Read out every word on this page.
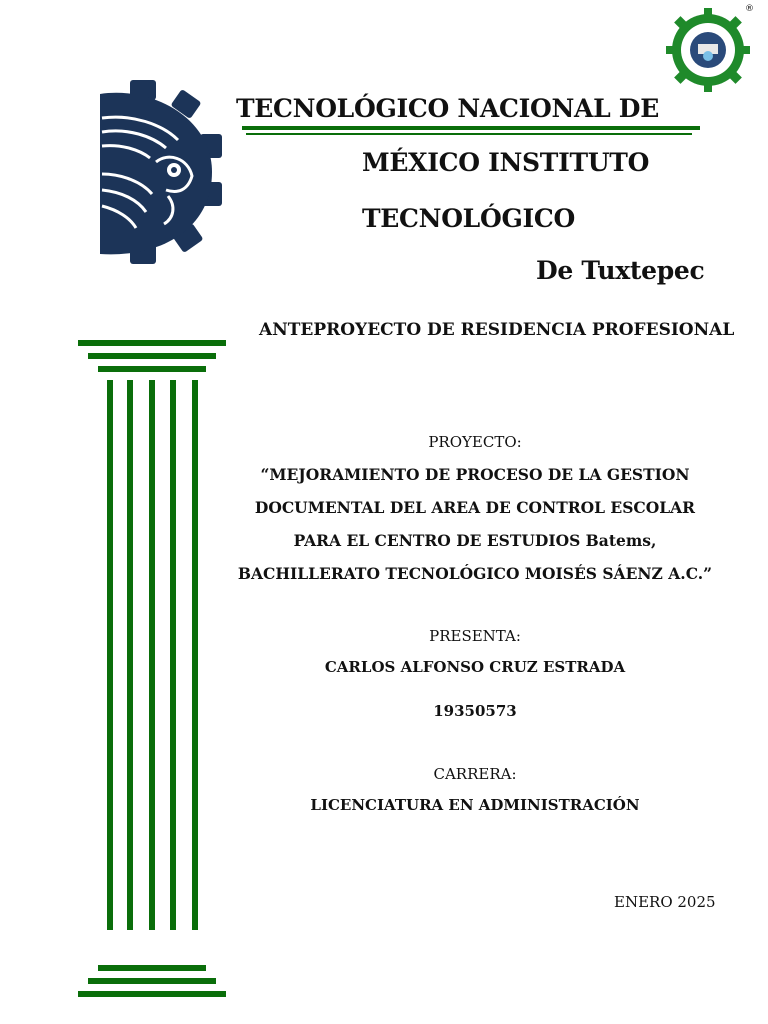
®
TECNOLÓGICO NACIONAL DE
MÉXICO INSTITUTO
TECNOLÓGICO
De Tuxtepec
ANTEPROYECTO DE RESIDENCIA PROFESIONAL
PROYECTO:
“MEJORAMIENTO DE PROCESO DE LA GESTION
DOCUMENTAL DEL AREA DE CONTROL ESCOLAR
PARA EL CENTRO DE ESTUDIOS Batems,
BACHILLERATO TECNOLÓGICO MOISÉS SÁENZ A.C.”
PRESENTA:
CARLOS ALFONSO CRUZ ESTRADA
19350573
CARRERA:
LICENCIATURA EN ADMINISTRACIÓN
ENERO 2025
